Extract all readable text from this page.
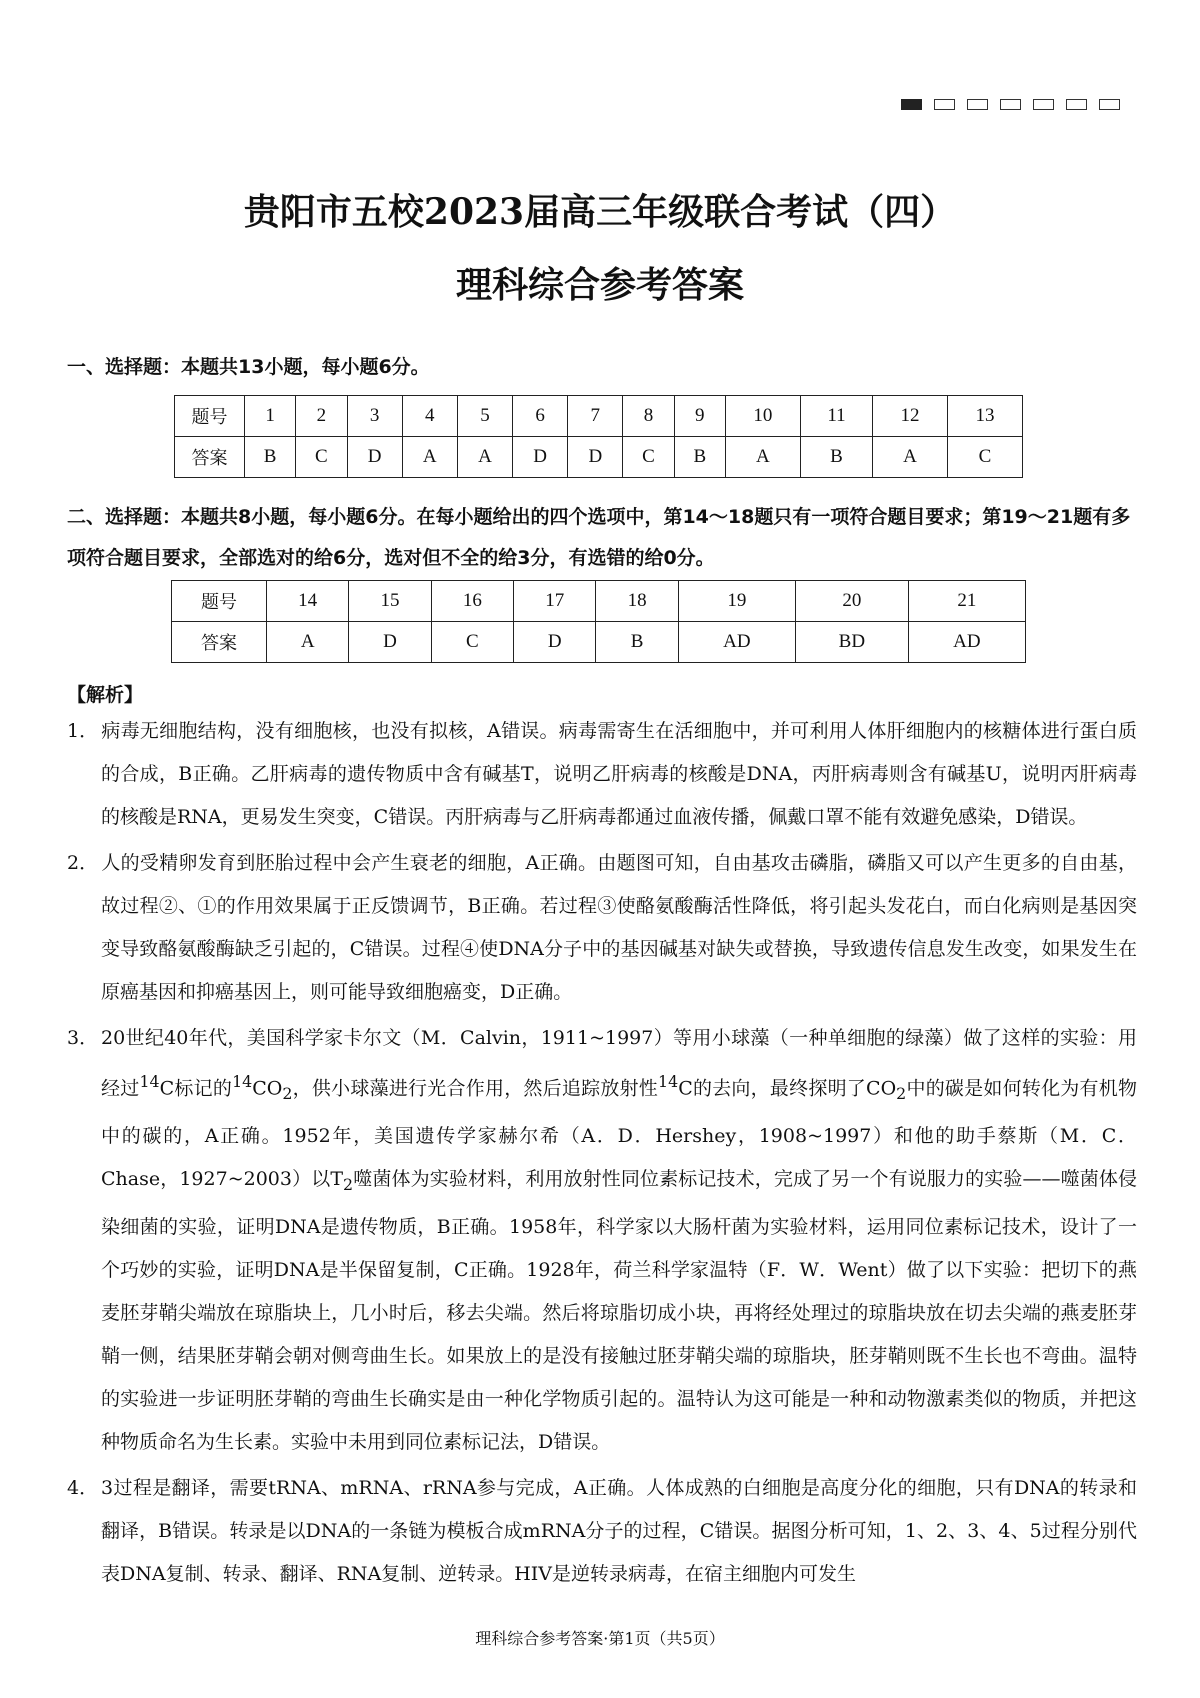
贵阳市五校2023届高三年级联合考试（四）
理科综合参考答案
一、选择题：本题共13小题，每小题6分。
题号	1	2	3	4	5	6	7	8	9	10	11	12	13
答案	B	C	D	A	A	D	D	C	B	A	B	A	C
二、选择题：本题共8小题，每小题6分。在每小题给出的四个选项中，第14～18题只有一项符合题目要求；第19～21题有多项符合题目要求，全部选对的给6分，选对但不全的给3分，有选错的给0分。
题号	14	15	16	17	18	19	20	21
答案	A	D	C	D	B	AD	BD	AD
【解析】
1． 病毒无细胞结构，没有细胞核，也没有拟核，A错误。病毒需寄生在活细胞中，并可利用人体肝细胞内的核糖体进行蛋白质的合成，B正确。乙肝病毒的遗传物质中含有碱基T，说明乙肝病毒的核酸是DNA，丙肝病毒则含有碱基U，说明丙肝病毒的核酸是RNA，更易发生突变，C错误。丙肝病毒与乙肝病毒都通过血液传播，佩戴口罩不能有效避免感染，D错误。
2． 人的受精卵发育到胚胎过程中会产生衰老的细胞，A正确。由题图可知，自由基攻击磷脂，磷脂又可以产生更多的自由基，故过程②、①的作用效果属于正反馈调节，B正确。若过程③使酪氨酸酶活性降低，将引起头发花白，而白化病则是基因突变导致酪氨酸酶缺乏引起的，C错误。过程④使DNA分子中的基因碱基对缺失或替换，导致遗传信息发生改变，如果发生在原癌基因和抑癌基因上，则可能导致细胞癌变，D正确。
3． 20世纪40年代，美国科学家卡尔文（M．Calvin，1911~1997）等用小球藻（一种单细胞的绿藻）做了这样的实验：用经过$^{14}$C标记的$^{14}CO_2$，供小球藻进行光合作用，然后追踪放射性$^{14}$C的去向，最终探明了$CO_2$中的碳是如何转化为有机物中的碳的，A正确。1952年，美国遗传学家赫尔希（A．D．Hershey，1908~1997）和他的助手蔡斯（M．C．Chase，1927~2003）以$T_2$噬菌体为实验材料，利用放射性同位素标记技术，完成了另一个有说服力的实验——噬菌体侵染细菌的实验，证明DNA是遗传物质，B正确。1958年，科学家以大肠杆菌为实验材料，运用同位素标记技术，设计了一个巧妙的实验，证明DNA是半保留复制，C正确。1928年，荷兰科学家温特（F．W．Went）做了以下实验：把切下的燕麦胚芽鞘尖端放在琼脂块上，几小时后，移去尖端。然后将琼脂切成小块，再将经处理过的琼脂块放在切去尖端的燕麦胚芽鞘一侧，结果胚芽鞘会朝对侧弯曲生长。如果放上的是没有接触过胚芽鞘尖端的琼脂块，胚芽鞘则既不生长也不弯曲。温特的实验进一步证明胚芽鞘的弯曲生长确实是由一种化学物质引起的。温特认为这可能是一种和动物激素类似的物质，并把这种物质命名为生长素。实验中未用到同位素标记法，D错误。
4． 3过程是翻译，需要tRNA、mRNA、rRNA参与完成，A正确。人体成熟的白细胞是高度分化的细胞，只有DNA的转录和翻译，B错误。转录是以DNA的一条链为模板合成mRNA分子的过程，C错误。据图分析可知，1、2、3、4、5过程分别代表DNA复制、转录、翻译、RNA复制、逆转录。HIV是逆转录病毒，在宿主细胞内可发生
理科综合参考答案·第1页（共5页）
